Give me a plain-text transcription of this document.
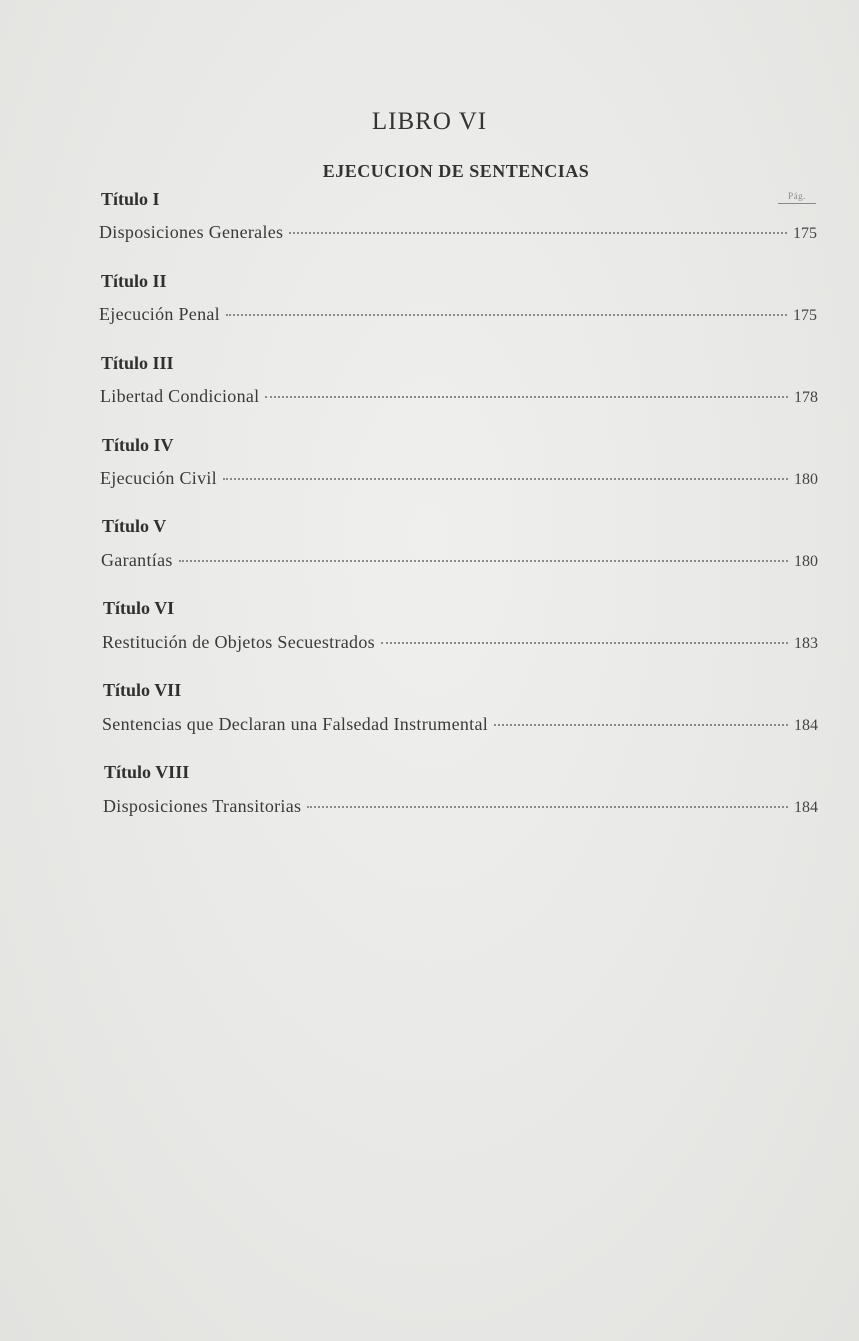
LIBRO VI
EJECUCION DE SENTENCIAS
Pág.
Título I
Disposiciones Generales	175
Título II
Ejecución Penal	175
Título III
Libertad Condicional	178
Título IV
Ejecución Civil	180
Título V
Garantías	180
Título VI
Restitución de Objetos Secuestrados	183
Título VII
Sentencias que Declaran una Falsedad Instrumental	184
Título VIII
Disposiciones Transitorias	184
